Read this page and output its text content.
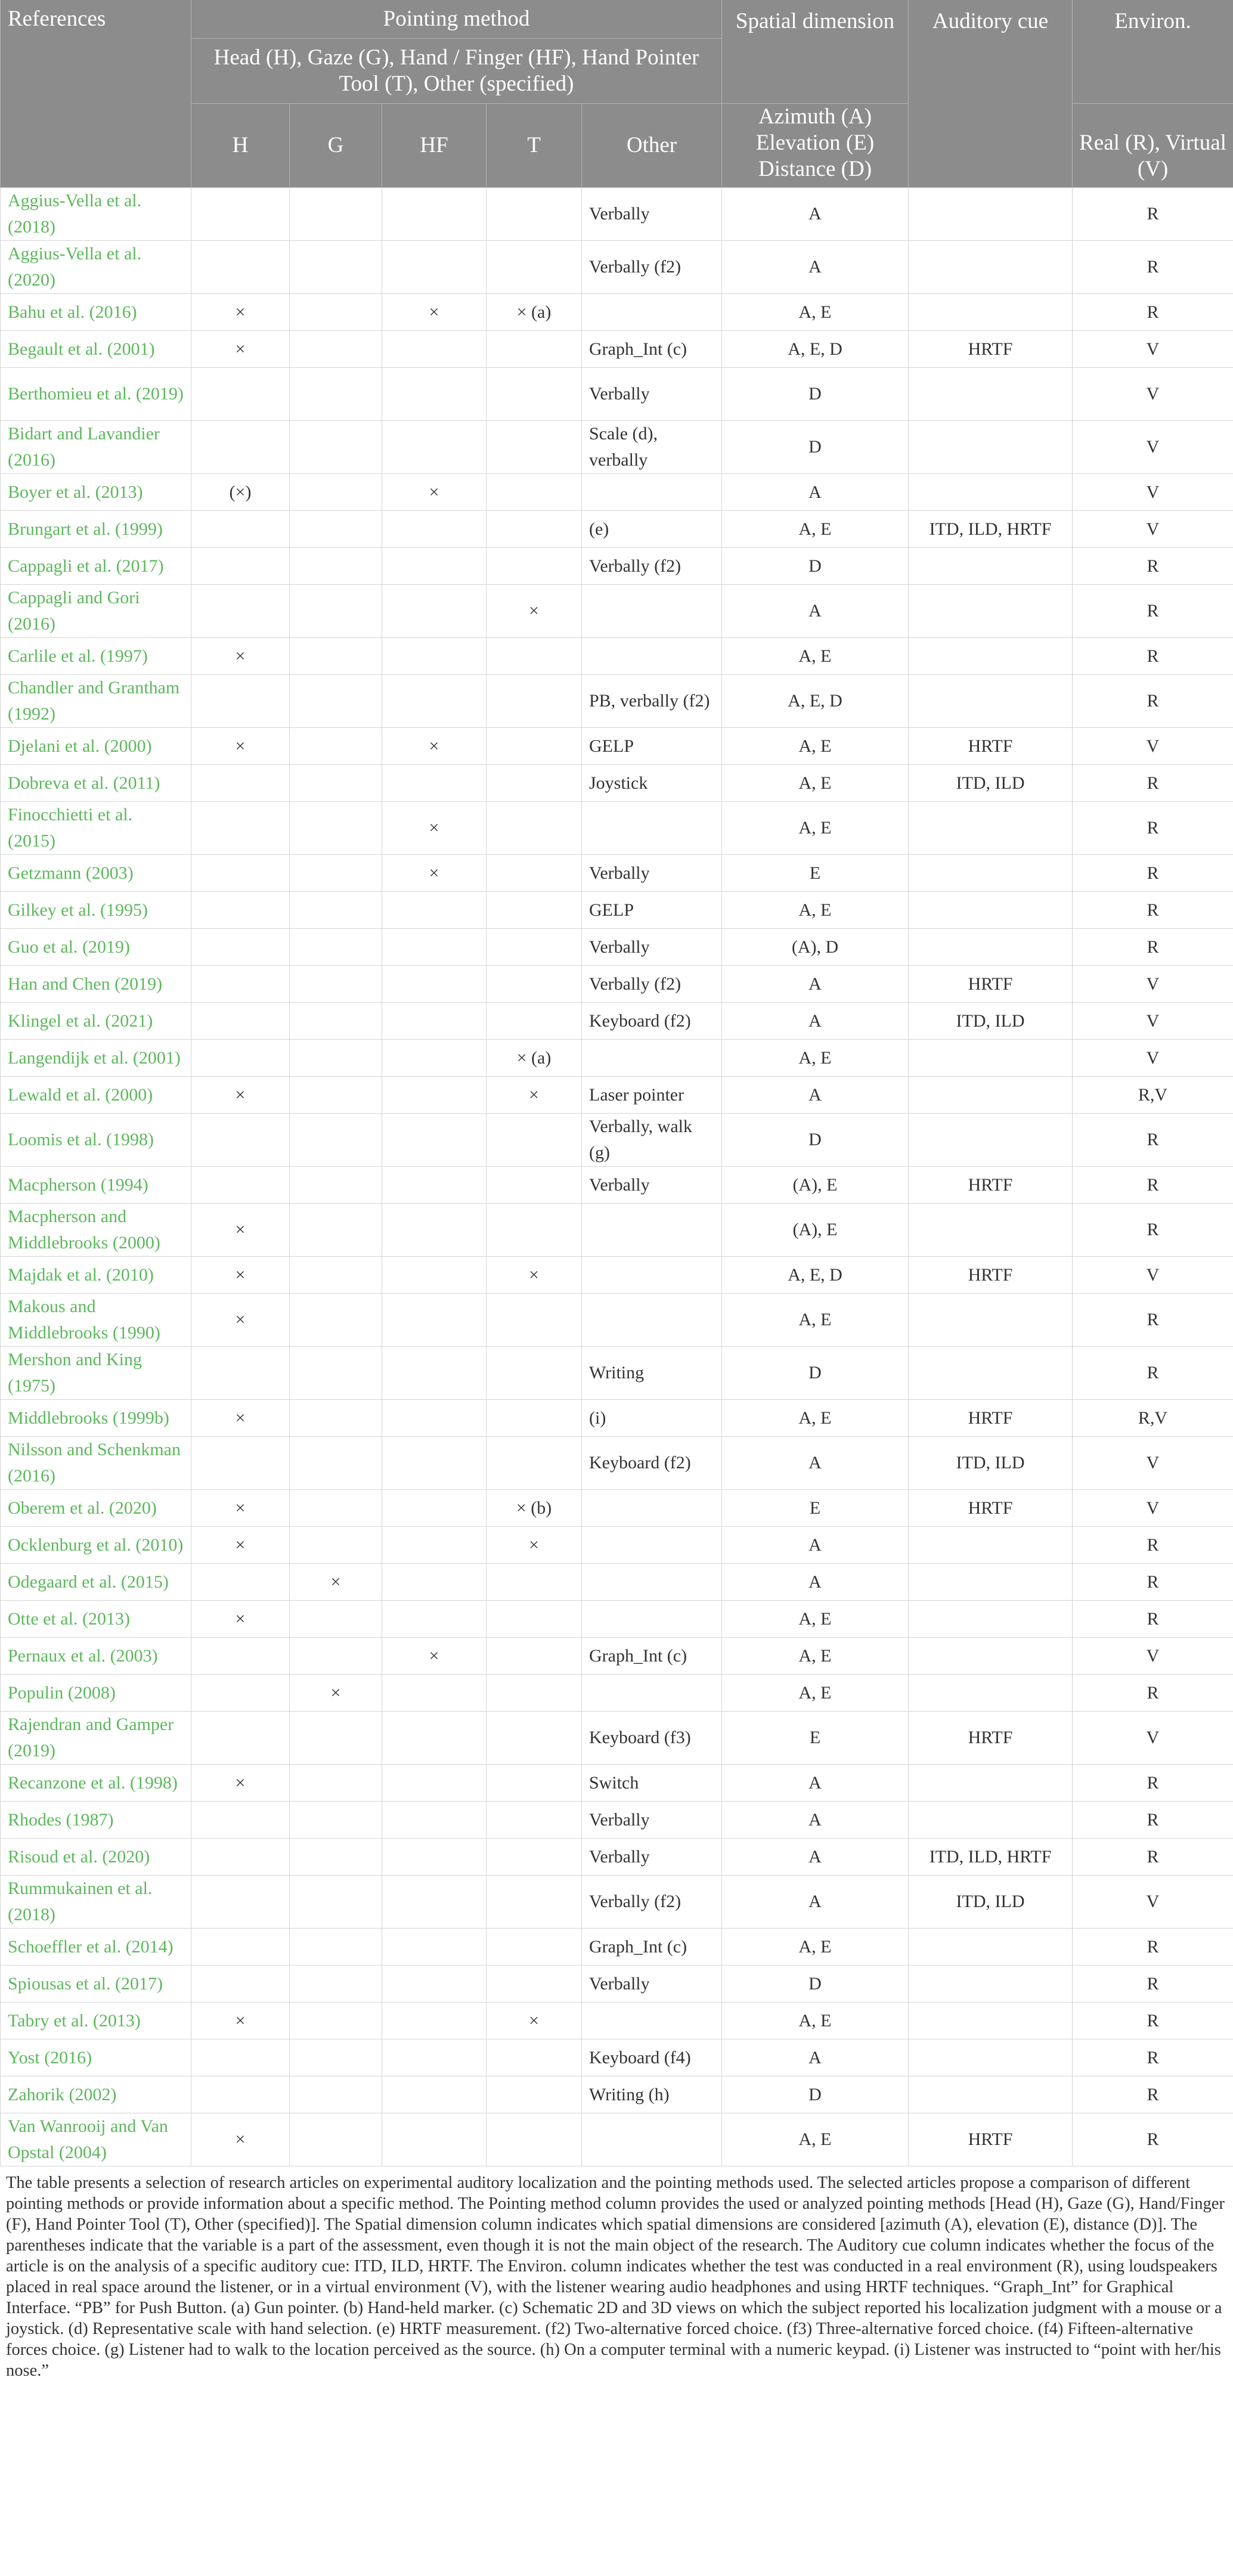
References	Pointing method					Spatial dimension	Auditory cue	Environ.
	Head (H), Gaze (G), Hand / Finger (HF), Hand Pointer Tool (T), Other (specified)							
	H	G	HF	T	Other	Azimuth (A) Elevation (E) Distance (D)		Real (R), Virtual (V)
Aggius-Vella et al. (2018)					Verbally	A		R
Aggius-Vella et al. (2020)					Verbally (f2)	A		R
Bahu et al. (2016)	×		×	× (a)		A, E		R
Begault et al. (2001)	×				Graph_Int (c)	A, E, D	HRTF	V
Berthomieu et al. (2019)					Verbally	D		V
Bidart and Lavandier (2016)					Scale (d), verbally	D		V
Boyer et al. (2013)	(×)		×			A		V
Brungart et al. (1999)					(e)	A, E	ITD, ILD, HRTF	V
Cappagli et al. (2017)					Verbally (f2)	D		R
Cappagli and Gori (2016)				×		A		R
Carlile et al. (1997)	×					A, E		R
Chandler and Grantham (1992)					PB, verbally (f2)	A, E, D		R
Djelani et al. (2000)	×		×		GELP	A, E	HRTF	V
Dobreva et al. (2011)					Joystick	A, E	ITD, ILD	R
Finocchietti et al. (2015)			×			A, E		R
Getzmann (2003)			×		Verbally	E		R
Gilkey et al. (1995)					GELP	A, E		R
Guo et al. (2019)					Verbally	(A), D		R
Han and Chen (2019)					Verbally (f2)	A	HRTF	V
Klingel et al. (2021)					Keyboard (f2)	A	ITD, ILD	V
Langendijk et al. (2001)				× (a)		A, E		V
Lewald et al. (2000)	×			×	Laser pointer	A		R,V
Loomis et al. (1998)					Verbally, walk (g)	D		R
Macpherson (1994)					Verbally	(A), E	HRTF	R
Macpherson and Middlebrooks (2000)	×					(A), E		R
Majdak et al. (2010)	×			×		A, E, D	HRTF	V
Makous and Middlebrooks (1990)	×					A, E		R
Mershon and King (1975)					Writing	D		R
Middlebrooks (1999b)	×				(i)	A, E	HRTF	R,V
Nilsson and Schenkman (2016)					Keyboard (f2)	A	ITD, ILD	V
Oberem et al. (2020)	×			× (b)		E	HRTF	V
Ocklenburg et al. (2010)	×			×		A		R
Odegaard et al. (2015)		×				A		R
Otte et al. (2013)	×					A, E		R
Pernaux et al. (2003)			×		Graph_Int (c)	A, E		V
Populin (2008)		×				A, E		R
Rajendran and Gamper (2019)					Keyboard (f3)	E	HRTF	V
Recanzone et al. (1998)	×				Switch	A		R
Rhodes (1987)					Verbally	A		R
Risoud et al. (2020)					Verbally	A	ITD, ILD, HRTF	R
Rummukainen et al. (2018)					Verbally (f2)	A	ITD, ILD	V
Schoeffler et al. (2014)					Graph_Int (c)	A, E		R
Spiousas et al. (2017)					Verbally	D		R
Tabry et al. (2013)	×			×		A, E		R
Yost (2016)					Keyboard (f4)	A		R
Zahorik (2002)					Writing (h)	D		R
Van Wanrooij and Van Opstal (2004)	×					A, E	HRTF	R
The table presents a selection of research articles on experimental auditory localization and the pointing methods used. The selected articles propose a comparison of different pointing methods or provide information about a specific method. The Pointing method column provides the used or analyzed pointing methods [Head (H), Gaze (G), Hand/Finger (F), Hand Pointer Tool (T), Other (specified)]. The Spatial dimension column indicates which spatial dimensions are considered [azimuth (A), elevation (E), distance (D)]. The parentheses indicate that the variable is a part of the assessment, even though it is not the main object of the research. The Auditory cue column indicates whether the focus of the article is on the analysis of a specific auditory cue: ITD, ILD, HRTF. The Environ. column indicates whether the test was conducted in a real environment (R), using loudspeakers placed in real space around the listener, or in a virtual environment (V), with the listener wearing audio headphones and using HRTF techniques. “Graph_Int” for Graphical Interface. “PB” for Push Button. (a) Gun pointer. (b) Hand-held marker. (c) Schematic 2D and 3D views on which the subject reported his localization judgment with a mouse or a joystick. (d) Representative scale with hand selection. (e) HRTF measurement. (f2) Two-alternative forced choice. (f3) Three-alternative forced choice. (f4) Fifteen-alternative forces choice. (g) Listener had to walk to the location perceived as the source. (h) On a computer terminal with a numeric keypad. (i) Listener was instructed to “point with her/his nose.”
